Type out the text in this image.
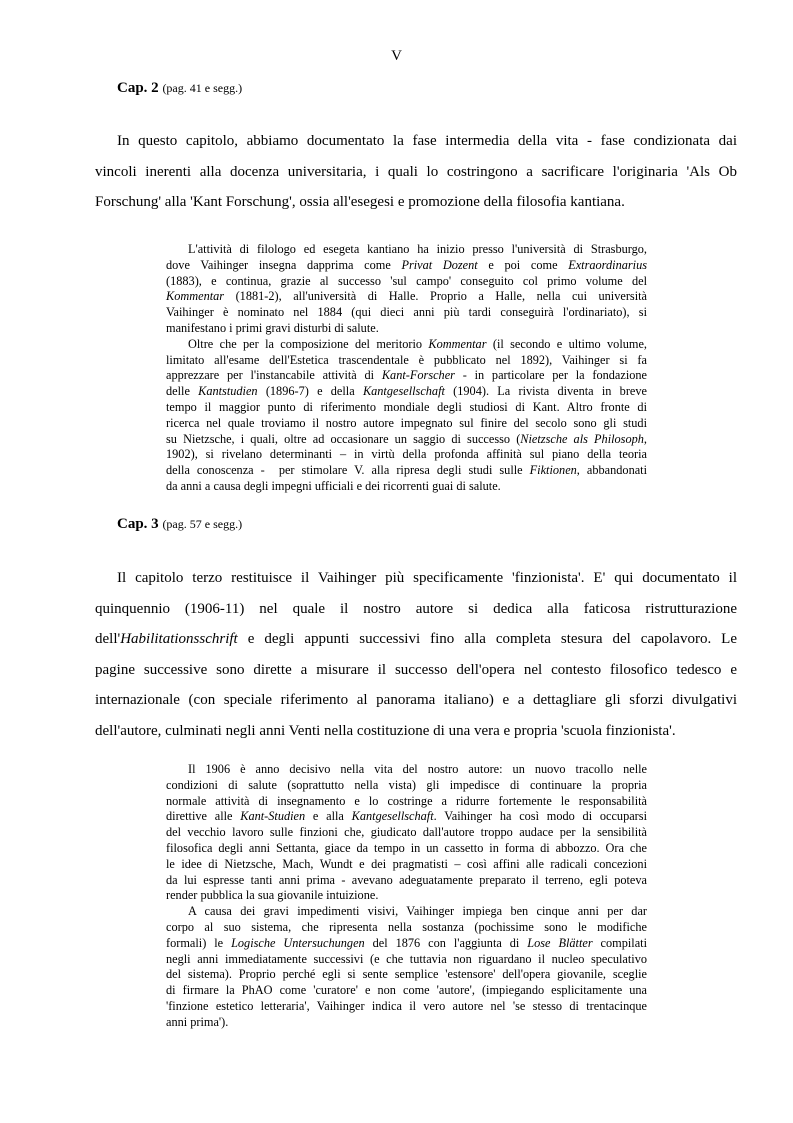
V
Cap. 2 (pag. 41 e segg.)
In questo capitolo, abbiamo documentato la fase intermedia della vita - fase condizionata dai
vincoli inerenti alla docenza universitaria, i quali lo costringono a sacrificare l'originaria 'Als Ob
Forschung' alla 'Kant Forschung', ossia all'esegesi e promozione della filosofia kantiana.
L'attività di filologo ed esegeta kantiano ha inizio presso l'università di Strasburgo,
dove Vaihinger insegna dapprima come Privat Dozent e poi come Extraordinarius
(1883), e continua, grazie al successo 'sul campo' conseguito col primo volume del
Kommentar (1881-2), all'università di Halle. Proprio a Halle, nella cui università
Vaihinger è nominato nel 1884 (qui dieci anni più tardi conseguirà l'ordinariato), si
manifestano i primi gravi disturbi di salute.
Oltre che per la composizione del meritorio Kommentar (il secondo e ultimo volume,
limitato all'esame dell'Estetica trascendentale è pubblicato nel 1892), Vaihinger si fa
apprezzare per l'instancabile attività di Kant-Forscher - in particolare per la fondazione
delle Kantstudien (1896-7) e della Kantgesellschaft (1904). La rivista diventa in breve
tempo il maggior punto di riferimento mondiale degli studiosi di Kant. Altro fronte di
ricerca nel quale troviamo il nostro autore impegnato sul finire del secolo sono gli studi
su Nietzsche, i quali, oltre ad occasionare un saggio di successo (Nietzsche als Philosoph,
1902), si rivelano determinanti – in virtù della profonda affinità sul piano della teoria
della conoscenza -  per stimolare V. alla ripresa degli studi sulle Fiktionen, abbandonati
da anni a causa degli impegni ufficiali e dei ricorrenti guai di salute.
Cap. 3 (pag. 57 e segg.)
Il capitolo terzo restituisce il Vaihinger più specificamente 'finzionista'. E' qui documentato il
quinquennio (1906-11) nel quale il nostro autore si dedica alla faticosa ristrutturazione
dell'Habilitationsschrift e degli appunti successivi fino alla completa stesura del capolavoro. Le
pagine successive sono dirette a misurare il successo dell'opera nel contesto filosofico tedesco e
internazionale (con speciale riferimento al panorama italiano) e a dettagliare gli sforzi divulgativi
dell'autore, culminati negli anni Venti nella costituzione di una vera e propria 'scuola finzionista'.
Il 1906 è anno decisivo nella vita del nostro autore: un nuovo tracollo nelle
condizioni di salute (soprattutto nella vista) gli impedisce di continuare la propria
normale attività di insegnamento e lo costringe a ridurre fortemente le responsabilità
direttive alle Kant-Studien e alla Kantgesellschaft. Vaihinger ha così modo di occuparsi
del vecchio lavoro sulle finzioni che, giudicato dall'autore troppo audace per la sensibilità
filosofica degli anni Settanta, giace da tempo in un cassetto in forma di abbozzo. Ora che
le idee di Nietzsche, Mach, Wundt e dei pragmatisti – così affini alle radicali concezioni
da lui espresse tanti anni prima - avevano adeguatamente preparato il terreno, egli poteva
render pubblica la sua giovanile intuizione.
A causa dei gravi impedimenti visivi, Vaihinger impiega ben cinque anni per dar
corpo al suo sistema, che ripresenta nella sostanza (pochissime sono le modifiche
formali) le Logische Untersuchungen del 1876 con l'aggiunta di Lose Blätter compilati
negli anni immediatamente successivi (e che tuttavia non riguardano il nucleo speculativo
del sistema). Proprio perché egli si sente semplice 'estensore' dell'opera giovanile, sceglie
di firmare la PhAO come 'curatore' e non come 'autore', (impiegando esplicitamente una
'finzione estetico letteraria', Vaihinger indica il vero autore nel 'se stesso di trentacinque
anni prima').
